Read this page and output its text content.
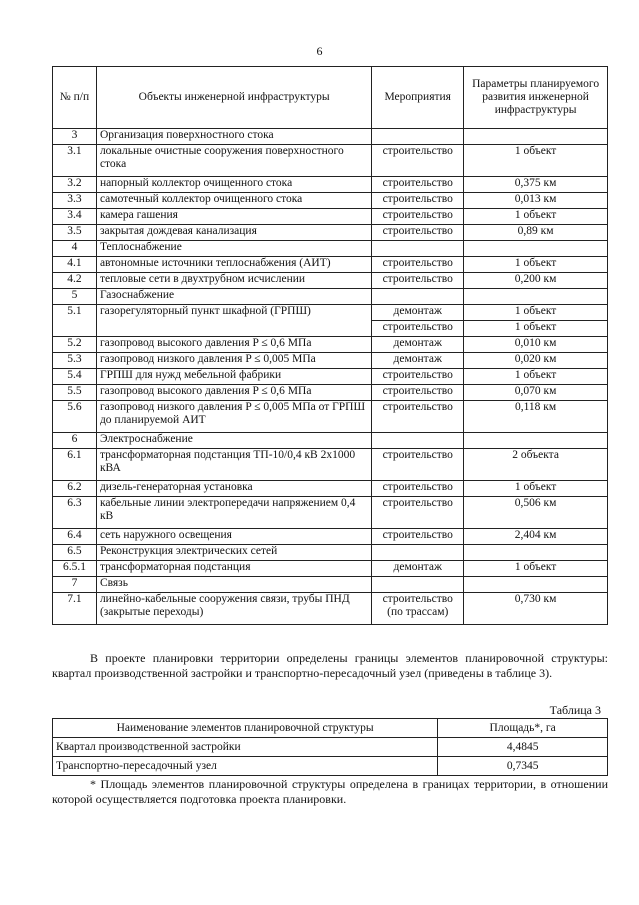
6
№ п/п	Объекты инженерной инфраструктуры	Мероприятия	Параметры планируемого развития инженерной инфраструктуры
3	Организация поверхностного стока		
3.1	локальные очистные сооружения поверхностного стока	строительство	1 объект
3.2	напорный коллектор очищенного стока	строительство	0,375 км
3.3	самотечный коллектор очищенного стока	строительство	0,013 км
3.4	камера гашения	строительство	1 объект
3.5	закрытая дождевая канализация	строительство	0,89 км
4	Теплоснабжение		
4.1	автономные источники теплоснабжения (АИТ)	строительство	1 объект
4.2	тепловые сети в двухтрубном исчислении	строительство	0,200 км
5	Газоснабжение		
5.1	газорегуляторный пункт шкафной (ГРПШ)	демонтаж	1 объект
		строительство	1 объект
5.2	газопровод высокого давления P ≤ 0,6 МПа	демонтаж	0,010 км
5.3	газопровод низкого давления P ≤ 0,005 МПа	демонтаж	0,020 км
5.4	ГРПШ для нужд мебельной фабрики	строительство	1 объект
5.5	газопровод высокого давления P ≤ 0,6 МПа	строительство	0,070 км
5.6	газопровод низкого давления P ≤ 0,005 МПа от ГРПШ до планируемой АИТ	строительство	0,118 км
6	Электроснабжение		
6.1	трансформаторная подстанция ТП-10/0,4 кВ 2х1000 кВА	строительство	2 объекта
6.2	дизель-генераторная установка	строительство	1 объект
6.3	кабельные линии электропередачи напряжением 0,4 кВ	строительство	0,506 км
6.4	сеть наружного освещения	строительство	2,404 км
6.5	Реконструкция электрических сетей		
6.5.1	трансформаторная подстанция	демонтаж	1 объект
7	Связь		
7.1	линейно-кабельные сооружения связи, трубы ПНД (закрытые переходы)	строительство (по трассам)	0,730 км
В проекте планировки территории определены границы элементов планировочной структуры: квартал производственной застройки и транспортно-пересадочный узел (приведены в таблице 3).
Таблица 3
Наименование элементов планировочной структуры	Площадь*, га
Квартал производственной застройки	4,4845
Транспортно-пересадочный узел	0,7345
* Площадь элементов планировочной структуры определена в границах территории, в отношении которой осуществляется подготовка проекта планировки.
